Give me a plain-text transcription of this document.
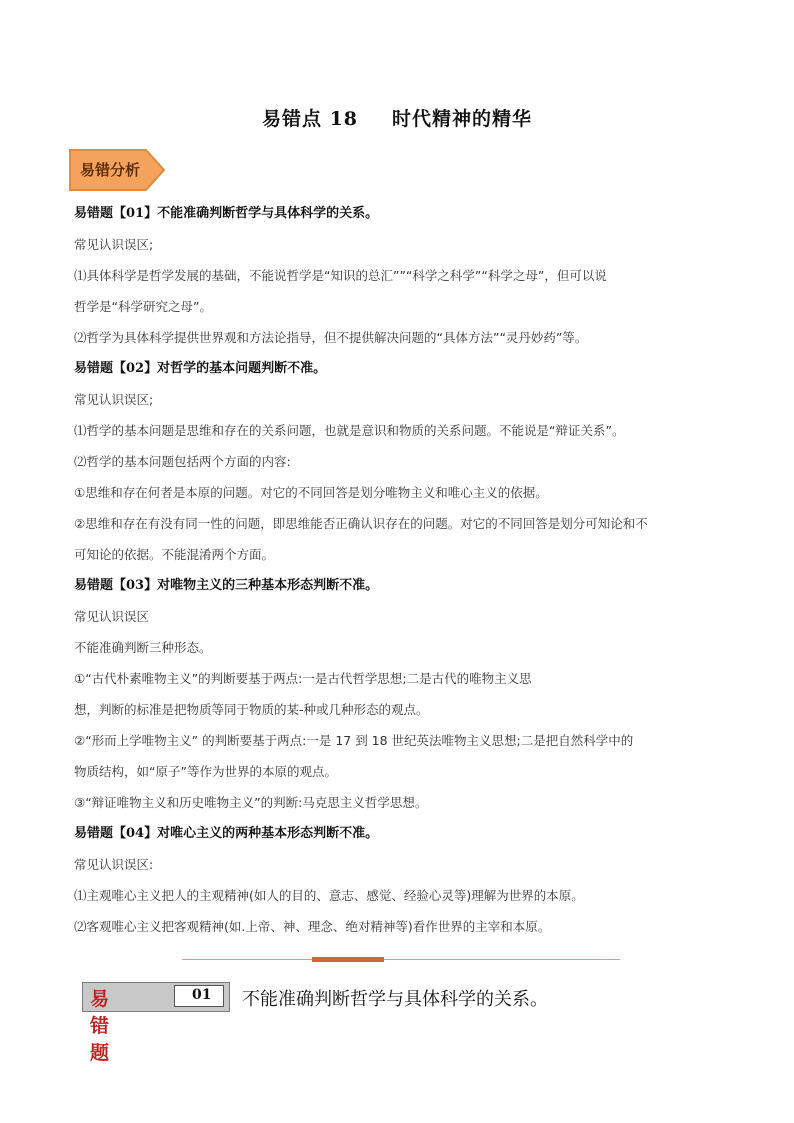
易错点 18 时代精神的精华
易错分析
易错题【01】不能准确判断哲学与具体科学的关系。
常见认识误区;
⑴具体科学是哲学发展的基础，不能说哲学是“知识的总汇””“科学之科学”“科学之母”，但可以说
哲学是“科学研究之母”。
⑵哲学为具体科学提供世界观和方法论指导，但不提供解决问题的“具体方法”“灵丹妙药”等。
易错题【02】对哲学的基本问题判断不准。
常见认识误区;
⑴哲学的基本问题是思维和存在的关系问题，也就是意识和物质的关系问题。不能说是“辩证关系”。
⑵哲学的基本问题包括两个方面的内容:
①思维和存在何者是本原的问题。对它的不同回答是划分唯物主义和唯心主义的依据。
②思维和存在有没有同一性的问题，即思维能否正确认识存在的问题。对它的不同回答是划分可知论和不
可知论的依据。不能混淆两个方面。
易错题【03】对唯物主义的三种基本形态判断不准。
常见认识误区
不能准确判断三种形态。
①“古代朴素唯物主义”的判断要基于两点:一是古代哲学思想;二是古代的唯物主义思
想，判断的标准是把物质等同于物质的某-种或几种形态的观点。
②“形而上学唯物主义” 的判断要基于两点:一是 17 到 18 世纪英法唯物主义思想;二是把自然科学中的
物质结构，如“原子”等作为世界的本原的观点。
③“辩证唯物主义和历史唯物主义”的判断:马克思主义哲学思想。
易错题【04】对唯心主义的两种基本形态判断不准。
常见认识误区:
⑴主观唯心主义把人的主观精神(如人的目的、意志、感觉、经验心灵等)理解为世界的本原。
⑵客观唯心主义把客观精神(如.上帝、神、理念、绝对精神等)看作世界的主宰和本原。
易错题
01 不能准确判断哲学与具体科学的关系。
